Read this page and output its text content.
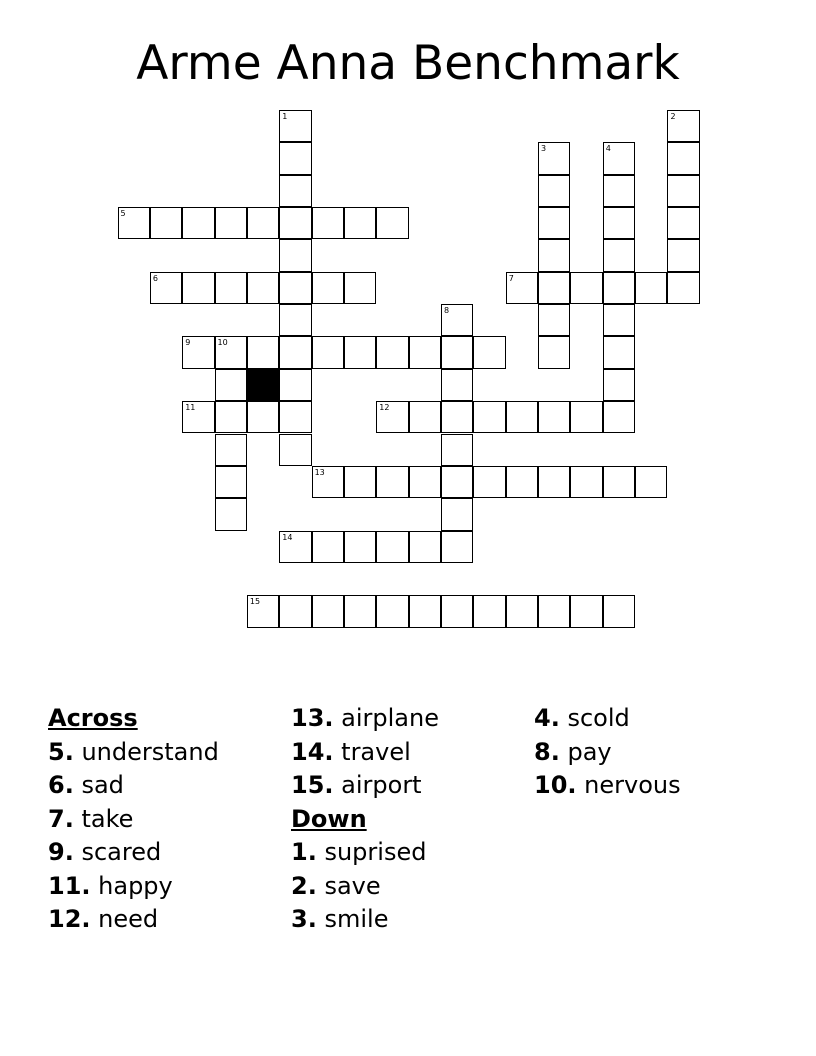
Arme Anna Benchmark
1	2
3	4
5
6	7
8
9	10
11	12
13
14
15
Across
5. understand
6. sad
7. take
9. scared
11. happy
12. need
13. airplane
14. travel
15. airport
Down
1. suprised
2. save
3. smile
4. scold
8. pay
10. nervous
